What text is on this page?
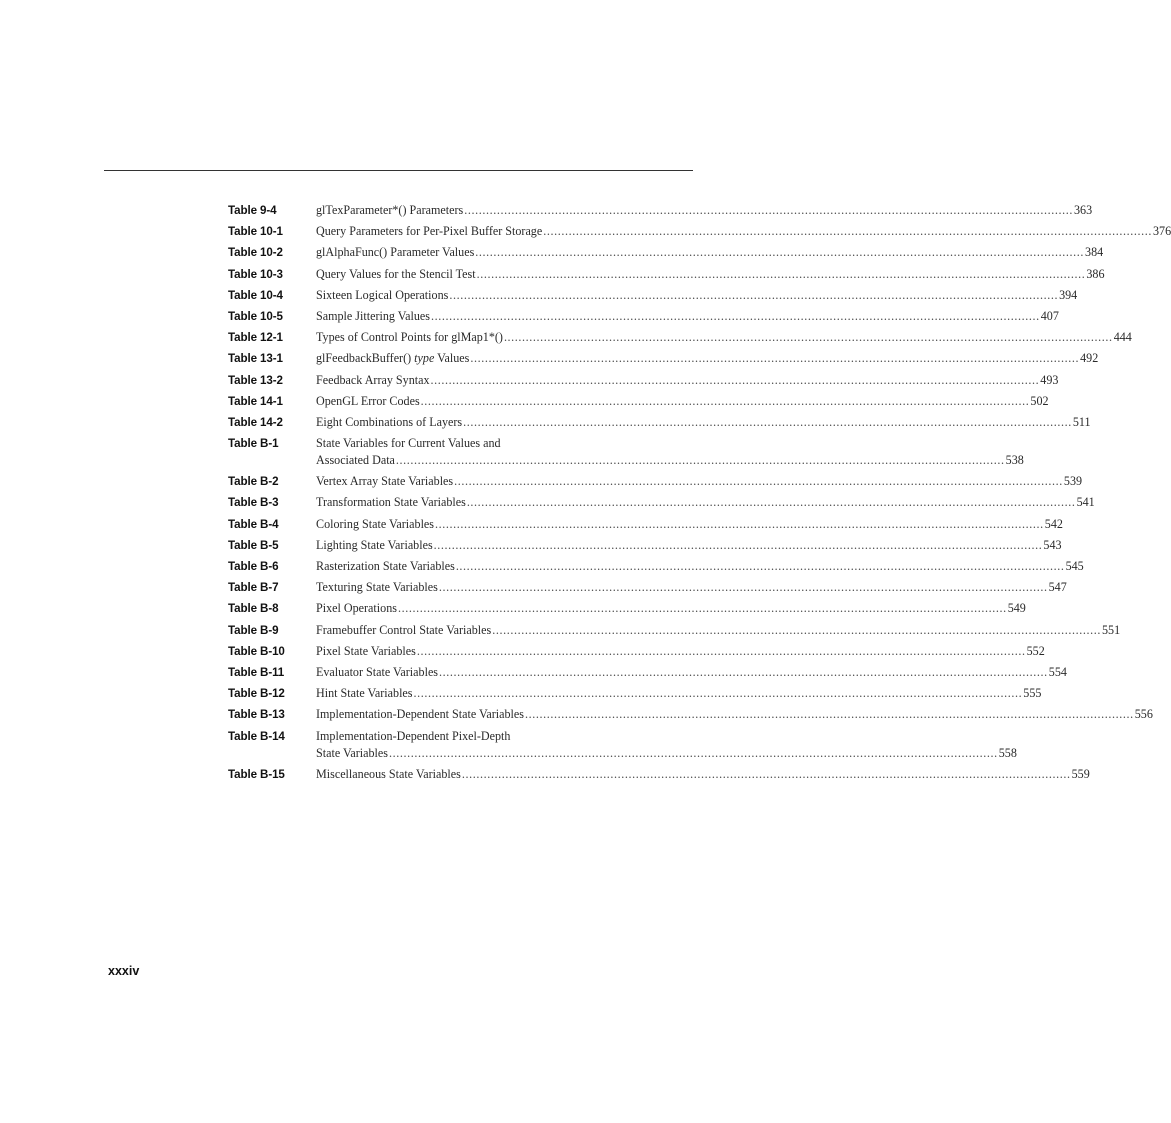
Table 9-4	glTexParameter*() Parameters .....	363
Table 10-1	Query Parameters for Per-Pixel Buffer Storage .....	376
Table 10-2	glAlphaFunc() Parameter Values .....	384
Table 10-3	Query Values for the Stencil Test .....	386
Table 10-4	Sixteen Logical Operations .....	394
Table 10-5	Sample Jittering Values .....	407
Table 12-1	Types of Control Points for glMap1*() .....	444
Table 13-1	glFeedbackBuffer() type Values .....	492
Table 13-2	Feedback Array Syntax .....	493
Table 14-1	OpenGL Error Codes .....	502
Table 14-2	Eight Combinations of Layers .....	511
Table B-1	State Variables for Current Values and
Associated Data .....	538
Table B-2	Vertex Array State Variables .....	539
Table B-3	Transformation State Variables .....	541
Table B-4	Coloring State Variables .....	542
Table B-5	Lighting State Variables .....	543
Table B-6	Rasterization State Variables .....	545
Table B-7	Texturing State Variables .....	547
Table B-8	Pixel Operations .....	549
Table B-9	Framebuffer Control State Variables .....	551
Table B-10	Pixel State Variables .....	552
Table B-11	Evaluator State Variables .....	554
Table B-12	Hint State Variables .....	555
Table B-13	Implementation-Dependent State Variables .....	556
Table B-14	Implementation-Dependent Pixel-Depth
State Variables .....	558
Table B-15	Miscellaneous State Variables .....	559
xxxiv
